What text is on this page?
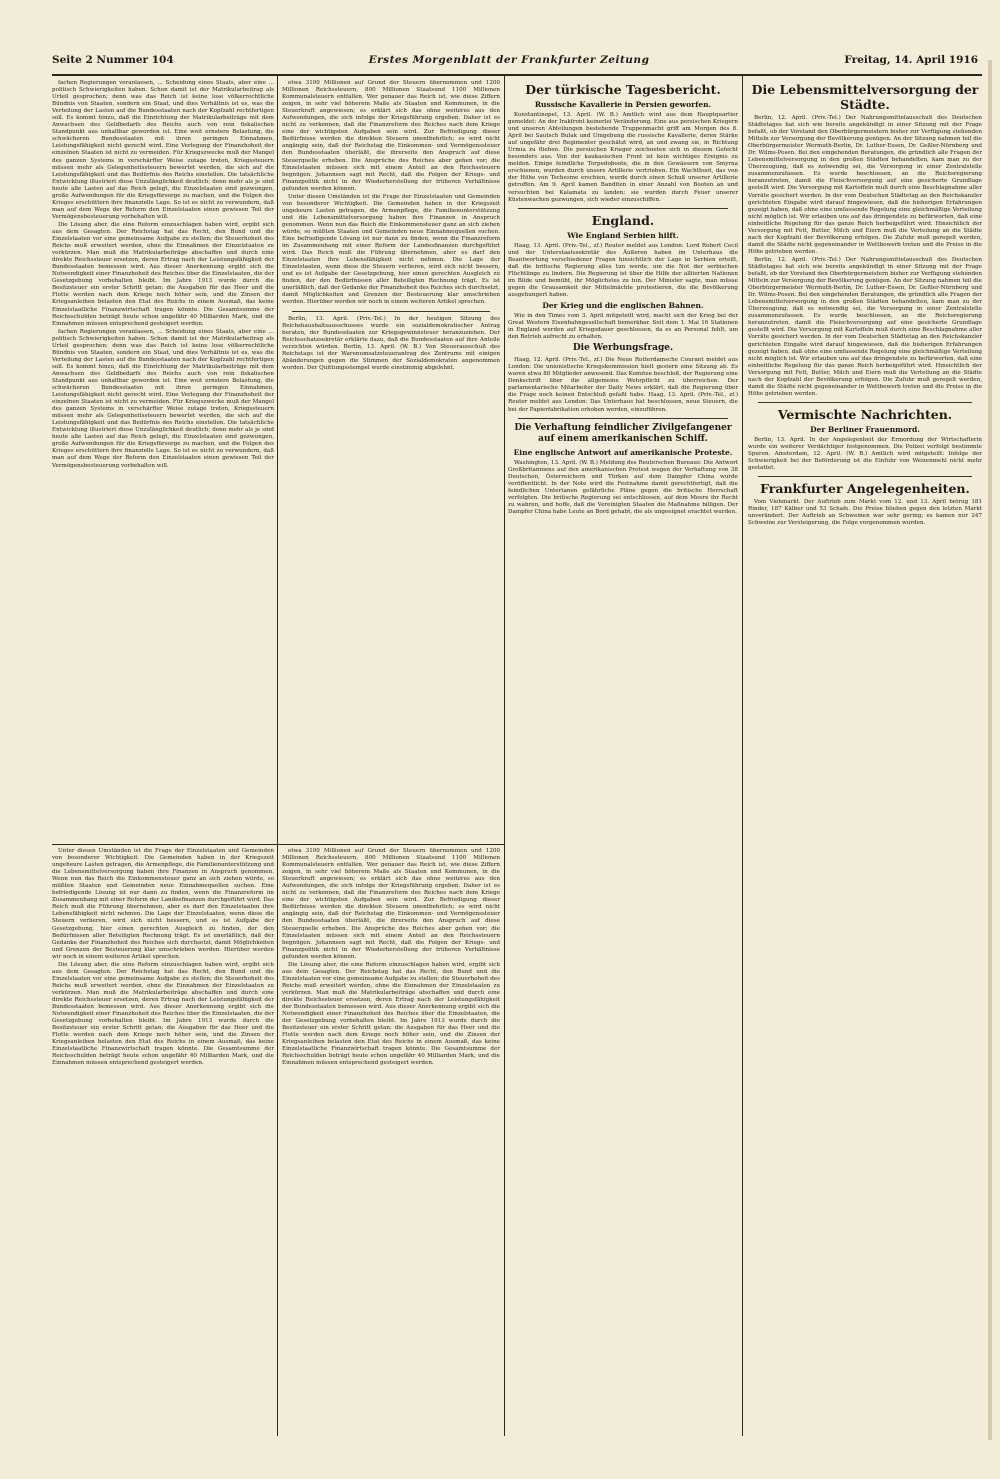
Seite 2 Nummer 104	Erstes Morgenblatt der Frankfurter Zeitung	Freitag, 14. April 1916

fachen Regierungen veranlassen, ... Scheidung eines Staats, aber eine ... politisch Schwierigkeiten haben. Schon damit ist der Matrikularbeitrag als Urteil gesprochen; denn was das Reich ist keine lose völkerrechtliche Bündnis von Staaten, sondern ein Staat, und dies Verhältnis ist es, was die Verteilung der Lasten auf die Bundesstaaten nach der Kopfzahl rechtfertigen soll. Es kommt hinzu, daß die Einrichtung der Matrikularbeiträge mit dem Anwachsen des Geldbedarfs des Reichs auch von rein fiskalischen Standpunkt aus unhaltbar geworden ist. Eine weit ernstere Belastung, die schwächeren Bundesstaaten mit ihren geringen Einnahmen, Leistungsfähigkeit nicht gerecht wird. Eine Verlegung der Finanzhoheit der einzelnen Staaten ist nicht zu vermeiden. Für Kriegszwecke muß der Mangel des ganzen Systems in verschärfter Weise zutage treten, Kriegssteuern müssen mehr als Gelegenheitssteuern bewertet werden, die sich auf die Leistungsfähigkeit und das Bedürfnis des Reichs einstellen. Die tatsächliche Entwicklung illustriert diese Unzulänglichkeit deutlich; denn mehr als je sind heute alle Lasten auf das Reich gelegt, die Einzelstaaten sind gezwungen, große Aufwendungen für die Kriegsfürsorge zu machen, und die Folgen des Krieges erschüttern ihre finanzielle Lage. So ist es nicht zu verwundern, daß man auf dem Wege der Reform den Einzelstaaten einen gewissen Teil der Vermögensbesteuerung vorbehalten will.

Die Lösung aber, die eine Reform einzuschlagen haben wird, ergibt sich aus dem Gesagten. Der Reichstag hat das Recht, den Bund und die Einzelstaaten vor eine gemeinsame Aufgabe zu stellen; die Steuerhoheit des Reichs muß erweitert werden, ohne die Einnahmen der Einzelstaaten zu verkürzen. Man muß die Matrikularbeiträge abschaffen und durch eine direkte Reichssteuer ersetzen, deren Ertrag nach der Leistungsfähigkeit der Bundesstaaten bemessen wird. Aus dieser Anerkennung ergibt sich die Notwendigkeit einer Finanzhoheit des Reiches über die Einzelstaaten, die der Gesetzgebung vorbehalten bleibt. Im Jahre 1913 wurde durch die Besitzsteuer ein erster Schritt getan; die Ausgaben für das Heer und die Flotte werden nach dem Kriege noch höher sein, und die Zinsen der Kriegsanleihen belasten den Etat des Reichs in einem Ausmaß, das keine Einzelstaatliche Finanzwirtschaft tragen könnte. Die Gesamtsumme der Reichsschulden beträgt heute schon ungefähr 40 Milliarden Mark, und die Einnahmen müssen entsprechend gesteigert werden.

fachen Regierungen veranlassen, ... Scheidung eines Staats, aber eine ... politisch Schwierigkeiten haben. Schon damit ist der Matrikularbeitrag als Urteil gesprochen; denn was das Reich ist keine lose völkerrechtliche Bündnis von Staaten, sondern ein Staat, und dies Verhältnis ist es, was die Verteilung der Lasten auf die Bundesstaaten nach der Kopfzahl rechtfertigen soll. Es kommt hinzu, daß die Einrichtung der Matrikularbeiträge mit dem Anwachsen des Geldbedarfs des Reichs auch von rein fiskalischen Standpunkt aus unhaltbar geworden ist. Eine weit ernstere Belastung, die schwächeren Bundesstaaten mit ihren geringen Einnahmen, Leistungsfähigkeit nicht gerecht wird. Eine Verlegung der Finanzhoheit der einzelnen Staaten ist nicht zu vermeiden. Für Kriegszwecke muß der Mangel des ganzen Systems in verschärfter Weise zutage treten, Kriegssteuern müssen mehr als Gelegenheitssteuern bewertet werden, die sich auf die Leistungsfähigkeit und das Bedürfnis des Reichs einstellen. Die tatsächliche Entwicklung illustriert diese Unzulänglichkeit deutlich; denn mehr als je sind heute alle Lasten auf das Reich gelegt, die Einzelstaaten sind gezwungen, große Aufwendungen für die Kriegsfürsorge zu machen, und die Folgen des Krieges erschüttern ihre finanzielle Lage. So ist es nicht zu verwundern, daß man auf dem Wege der Reform den Einzelstaaten einen gewissen Teil der Vermögensbesteuerung vorbehalten will.

etwa 3100 Millionen auf Grund der Steuern übernommen und 1200 Millionen Reichssteuern, 800 Millionen Staatsund 1100 Millionen Kommunalsteuern entfallen. Wer genauer das Reich ist, wie diese Ziffern zeigen, in sehr viel höherem Maße als Staaten und Kommunen, in die Steuerkraft angewiesen; es erklärt sich das ohne weiteres aus den Aufwendungen, die sich infolge der Kriegsführung ergeben. Daher ist es nicht zu verkennen, daß die Finanzreform des Reiches nach dem Kriege eine der wichtigsten Aufgaben sein wird. Zur Befriedigung dieser Bedürfnisse werden die direkten Steuern unentbehrlich; es wird nicht angängig sein, daß der Reichstag die Einkommen- und Vermögenssteuer den Bundesstaaten überläßt, die ihrerseits den Anspruch auf diese Steuerquelle erheben. Die Ansprüche des Reiches aber gehen vor; die Einzelstaaten müssen sich mit einem Anteil an den Reichssteuern begnügen. Johannsen sagt mit Recht, daß die Folgen der Kriegs- und Finanzpolitik nicht in der Wiederherstellung der früheren Verhältnisse gefunden werden können.

Unter diesen Umständen ist die Frage der Einzelstaaten und Gemeinden von besonderer Wichtigkeit. Die Gemeinden haben in der Kriegszeit ungeheure Lasten getragen, die Armenpflege, die Familienunterstützung und die Lebensmittelversorgung haben ihre Finanzen in Anspruch genommen. Wenn nun das Reich die Einkommensteuer ganz an sich ziehen würde, so müßten Staaten und Gemeinden neue Einnahmequellen suchen. Eine befriedigende Lösung ist nur dann zu finden, wenn die Finanzreform im Zusammenhang mit einer Reform der Landesfinanzen durchgeführt wird. Das Reich muß die Führung übernehmen, aber es darf den Einzelstaaten ihre Lebensfähigkeit nicht nehmen. Die Lage der Einzelstaaten, wenn diese die Steuern verlieren, wird sich nicht bessern, und es ist Aufgabe der Gesetzgebung, hier einen gerechten Ausgleich zu finden, der den Bedürfnissen aller Beteiligten Rechnung trägt. Es ist unerläßlich, daß der Gedanke der Finanzhoheit des Reiches sich durchsetzt, damit Möglichkeiten und Grenzen der Besteuerung klar umschrieben werden. Hierüber werden wir noch in einem weiteren Artikel sprechen.

Berlin, 13. April. (Priv.-Tel.) In der heutigen Sitzung des Reichshaushaltsausschusses wurde ein sozialdemokratischer Antrag beraten, der Bundesstaaten zur Kriegsgewinnsteuer heranzuziehen. Der Reichsschatzsekretär erklärte dazu, daß die Bundesstaaten auf ihre Anteile verzichten würden. Berlin, 13. April. (W. B.) Von Steuerausschuß des Reichstags ist der Warenumsatzsteuerantrag des Zentrums mit einigen Abänderungen gegen die Stimmen der Sozialdemokraten angenommen worden. Der Quittungsstempel wurde einstimmig abgelehnt.

Unter diesen Umständen ist die Frage der Einzelstaaten und Gemeinden von besonderer Wichtigkeit. Die Gemeinden haben in der Kriegszeit ungeheure Lasten getragen, die Armenpflege, die Familienunterstützung und die Lebensmittelversorgung haben ihre Finanzen in Anspruch genommen. Wenn nun das Reich die Einkommensteuer ganz an sich ziehen würde, so müßten Staaten und Gemeinden neue Einnahmequellen suchen. Eine befriedigende Lösung ist nur dann zu finden, wenn die Finanzreform im Zusammenhang mit einer Reform der Landesfinanzen durchgeführt wird. Das Reich muß die Führung übernehmen, aber es darf den Einzelstaaten ihre Lebensfähigkeit nicht nehmen. Die Lage der Einzelstaaten, wenn diese die Steuern verlieren, wird sich nicht bessern, und es ist Aufgabe der Gesetzgebung, hier einen gerechten Ausgleich zu finden, der den Bedürfnissen aller Beteiligten Rechnung trägt. Es ist unerläßlich, daß der Gedanke der Finanzhoheit des Reiches sich durchsetzt, damit Möglichkeiten und Grenzen der Besteuerung klar umschrieben werden. Hierüber werden wir noch in einem weiteren Artikel sprechen.

Die Lösung aber, die eine Reform einzuschlagen haben wird, ergibt sich aus dem Gesagten. Der Reichstag hat das Recht, den Bund und die Einzelstaaten vor eine gemeinsame Aufgabe zu stellen; die Steuerhoheit des Reichs muß erweitert werden, ohne die Einnahmen der Einzelstaaten zu verkürzen. Man muß die Matrikularbeiträge abschaffen und durch eine direkte Reichssteuer ersetzen, deren Ertrag nach der Leistungsfähigkeit der Bundesstaaten bemessen wird. Aus dieser Anerkennung ergibt sich die Notwendigkeit einer Finanzhoheit des Reiches über die Einzelstaaten, die der Gesetzgebung vorbehalten bleibt. Im Jahre 1913 wurde durch die Besitzsteuer ein erster Schritt getan; die Ausgaben für das Heer und die Flotte werden nach dem Kriege noch höher sein, und die Zinsen der Kriegsanleihen belasten den Etat des Reichs in einem Ausmaß, das keine Einzelstaatliche Finanzwirtschaft tragen könnte. Die Gesamtsumme der Reichsschulden beträgt heute schon ungefähr 40 Milliarden Mark, und die Einnahmen müssen entsprechend gesteigert werden.

etwa 3100 Millionen auf Grund der Steuern übernommen und 1200 Millionen Reichssteuern, 800 Millionen Staatsund 1100 Millionen Kommunalsteuern entfallen. Wer genauer das Reich ist, wie diese Ziffern zeigen, in sehr viel höherem Maße als Staaten und Kommunen, in die Steuerkraft angewiesen; es erklärt sich das ohne weiteres aus den Aufwendungen, die sich infolge der Kriegsführung ergeben. Daher ist es nicht zu verkennen, daß die Finanzreform des Reiches nach dem Kriege eine der wichtigsten Aufgaben sein wird. Zur Befriedigung dieser Bedürfnisse werden die direkten Steuern unentbehrlich; es wird nicht angängig sein, daß der Reichstag die Einkommen- und Vermögenssteuer den Bundesstaaten überläßt, die ihrerseits den Anspruch auf diese Steuerquelle erheben. Die Ansprüche des Reiches aber gehen vor; die Einzelstaaten müssen sich mit einem Anteil an den Reichssteuern begnügen. Johannsen sagt mit Recht, daß die Folgen der Kriegs- und Finanzpolitik nicht in der Wiederherstellung der früheren Verhältnisse gefunden werden können.

Die Lösung aber, die eine Reform einzuschlagen haben wird, ergibt sich aus dem Gesagten. Der Reichstag hat das Recht, den Bund und die Einzelstaaten vor eine gemeinsame Aufgabe zu stellen; die Steuerhoheit des Reichs muß erweitert werden, ohne die Einnahmen der Einzelstaaten zu verkürzen. Man muß die Matrikularbeiträge abschaffen und durch eine direkte Reichssteuer ersetzen, deren Ertrag nach der Leistungsfähigkeit der Bundesstaaten bemessen wird. Aus dieser Anerkennung ergibt sich die Notwendigkeit einer Finanzhoheit des Reiches über die Einzelstaaten, die der Gesetzgebung vorbehalten bleibt. Im Jahre 1913 wurde durch die Besitzsteuer ein erster Schritt getan; die Ausgaben für das Heer und die Flotte werden nach dem Kriege noch höher sein, und die Zinsen der Kriegsanleihen belasten den Etat des Reichs in einem Ausmaß, das keine Einzelstaatliche Finanzwirtschaft tragen könnte. Die Gesamtsumme der Reichsschulden beträgt heute schon ungefähr 40 Milliarden Mark, und die Einnahmen müssen entsprechend gesteigert werden.

Der türkische Tagesbericht.
Russische Kavallerie in Persien geworfen.

Konstantinopel, 13. April. (W. B.) Amtlich wird aus dem Hauptquartier gemeldet: An der Irakfront keinerlei Veränderung. Eine aus persischen Kriegern und unseren Abteilungen bestehende Truppenmacht griff am Morgen des 8. April bei Sautsch Bulak und Umgebung die russische Kavallerie, deren Stärke auf ungefähr drei Regimenter geschätzt wird, an und zwang sie, in Richtung Urmia zu fliehen. Die persischen Krieger zeichneten sich in diesem Gefecht besonders aus. Von der kaukasischen Front ist kein wichtiges Ereignis zu melden. Einige feindliche Torpedoboote, die in den Gewässern von Smyrna erschienen, wurden durch unsere Artillerie vertrieben. Ein Wachtboot, das von der Höhe von Tschesme erschien, wurde durch einen Schuß unserer Artillerie getroffen. Am 9. April kamen Banditen in einer Anzahl von Booten an und versuchten bei Kalamata zu landen; sie wurden durch Feuer unserer Küstenwachen gezwungen, sich wieder einzuschiffen.

England.
Wie England Serbien hilft.

Haag, 13. April. (Priv.-Tel., zf.) Reuter meldet aus London: Lord Robert Cecil und der Unterstaatssekretär des Äußeren haben im Unterhaus die Beantwortung verschiedener Fragen hinsichtlich der Lage in Serbien erteilt, daß die britische Regierung alles tun werde, um die Not der serbischen Flüchtlinge zu lindern. Die Regierung ist über die Hilfe der alliierten Nationen im Bilde und bemüht, ihr Möglichstes zu tun. Der Minister sagte, man müsse gegen die Grausamkeit der Mittelmächte protestieren, die die Bevölkerung ausgehungert haben.

Der Krieg und die englischen Bahnen.

Wie in den Times vom 3. April mitgeteilt wird, macht sich der Krieg bei der Great Western Eisenbahngesellschaft bemerkbar. Seit dem 1. Mai 16 Stationen in England werden auf Kriegsdauer geschlossen, da es an Personal fehlt, um den Betrieb aufrecht zu erhalten.

Die Werbungsfrage.

Haag, 12. April. (Priv.-Tel., zf.) Die Neue Rotterdamsche Courant meldet aus London: Die unionistische Kriegskommission hielt gestern eine Sitzung ab. Es waren etwa 80 Mitglieder anwesend. Das Komitee beschloß, der Regierung eine Denkschrift über die allgemeine Wehrpflicht zu überreichen. Der parlamentarische Mitarbeiter der Daily News erklärt, daß die Regierung über die Frage noch keinen Entschluß gefaßt habe. Haag, 13. April. (Priv.-Tel., zf.) Reuter meldet aus London: Das Unterhaus hat beschlossen, neue Steuern, die bei der Papierfabrikation erhoben werden, einzuführen.

Die Verhaftung feindlicher Zivilgefangener auf einem amerikanischen Schiff.
Eine englische Antwort auf amerikanische Proteste.

Washington, 13. April. (W. B.) Meldung des Reuterschen Bureaus: Die Antwort Großbritanniens auf den amerikanischen Protest wegen der Verhaftung von 38 Deutschen, Österreichern und Türken auf dem Dampfer China wurde veröffentlicht. In der Note wird die Festnahme damit gerechtfertigt, daß die feindlichen Untertanen gefährliche Pläne gegen die britische Herrschaft verfolgten. Die britische Regierung sei entschlossen, auf dem Meere ihr Recht zu wahren, und hoffe, daß die Vereinigten Staaten die Maßnahme billigen. Der Dampfer China habe Leute an Bord gehabt, die als ungeeignet erachtet wurden.

Die Lebensmittelversorgung der Städte.

Berlin, 12. April. (Priv.-Tel.) Der Nahrungsmittelausschuß des Deutschen Städtetages hat sich wie bereits angekündigt in einer Sitzung mit der Frage befaßt, ob der Vorstand den Oberbürgermeistern bisher zur Verfügung stehenden Mitteln zur Versorgung der Bevölkerung genügen. An der Sitzung nahmen teil die Oberbürgermeister Wermuth-Berlin, Dr. Luther-Essen, Dr. Geßler-Nürnberg und Dr. Wilms-Posen. Bei den eingehenden Beratungen, die gründlich alle Fragen der Lebensmittelversorgung in den großen Städten behandelten, kam man zu der Überzeugung, daß es notwendig sei, die Versorgung in einer Zentralstelle zusammenzufassen. Es wurde beschlossen, an die Reichsregierung heranzutreten, damit die Fleischversorgung auf eine gesicherte Grundlage gestellt wird. Die Versorgung mit Kartoffeln muß durch eine Beschlagnahme aller Vorräte gesichert werden. In der vom Deutschen Städtetag an den Reichskanzler gerichteten Eingabe wird darauf hingewiesen, daß die bisherigen Erfahrungen gezeigt haben, daß ohne eine umfassende Regelung eine gleichmäßige Verteilung nicht möglich ist. Wir erlauben uns auf das dringendste zu befürworten, daß eine einheitliche Regelung für das ganze Reich herbeigeführt wird. Hinsichtlich der Versorgung mit Fett, Butter, Milch und Eiern muß die Verteilung an die Städte nach der Kopfzahl der Bevölkerung erfolgen. Die Zufuhr muß geregelt werden, damit die Städte nicht gegeneinander in Wettbewerb treten und die Preise in die Höhe getrieben werden.

Berlin, 12. April. (Priv.-Tel.) Der Nahrungsmittelausschuß des Deutschen Städtetages hat sich wie bereits angekündigt in einer Sitzung mit der Frage befaßt, ob der Vorstand den Oberbürgermeistern bisher zur Verfügung stehenden Mitteln zur Versorgung der Bevölkerung genügen. An der Sitzung nahmen teil die Oberbürgermeister Wermuth-Berlin, Dr. Luther-Essen, Dr. Geßler-Nürnberg und Dr. Wilms-Posen. Bei den eingehenden Beratungen, die gründlich alle Fragen der Lebensmittelversorgung in den großen Städten behandelten, kam man zu der Überzeugung, daß es notwendig sei, die Versorgung in einer Zentralstelle zusammenzufassen. Es wurde beschlossen, an die Reichsregierung heranzutreten, damit die Fleischversorgung auf eine gesicherte Grundlage gestellt wird. Die Versorgung mit Kartoffeln muß durch eine Beschlagnahme aller Vorräte gesichert werden. In der vom Deutschen Städtetag an den Reichskanzler gerichteten Eingabe wird darauf hingewiesen, daß die bisherigen Erfahrungen gezeigt haben, daß ohne eine umfassende Regelung eine gleichmäßige Verteilung nicht möglich ist. Wir erlauben uns auf das dringendste zu befürworten, daß eine einheitliche Regelung für das ganze Reich herbeigeführt wird. Hinsichtlich der Versorgung mit Fett, Butter, Milch und Eiern muß die Verteilung an die Städte nach der Kopfzahl der Bevölkerung erfolgen. Die Zufuhr muß geregelt werden, damit die Städte nicht gegeneinander in Wettbewerb treten und die Preise in die Höhe getrieben werden.

Vermischte Nachrichten.
Der Berliner Frauenmord.

Berlin, 13. April. In der Angelegenheit der Ermordung der Wirtschafterin wurde ein weiterer Verdächtiger festgenommen. Die Polizei verfolgt bestimmte Spuren. Amsterdam, 12. April. (W. B.) Amtlich wird mitgeteilt: Infolge der Schwierigkeit bei der Beförderung ist die Einfuhr von Weizenmehl nicht mehr gestattet.

Frankfurter Angelegenheiten.

Vom Viehmarkt. Der Auftrieb zum Markt vom 12. und 13. April betrug 181 Rinder, 187 Kälber und 53 Schafe. Die Preise blieben gegen den letzten Markt unverändert. Der Auftrieb an Schweinen war sehr gering; es kamen nur 247 Schweine zur Versteigerung, die Folge vorgenommen wurden.
